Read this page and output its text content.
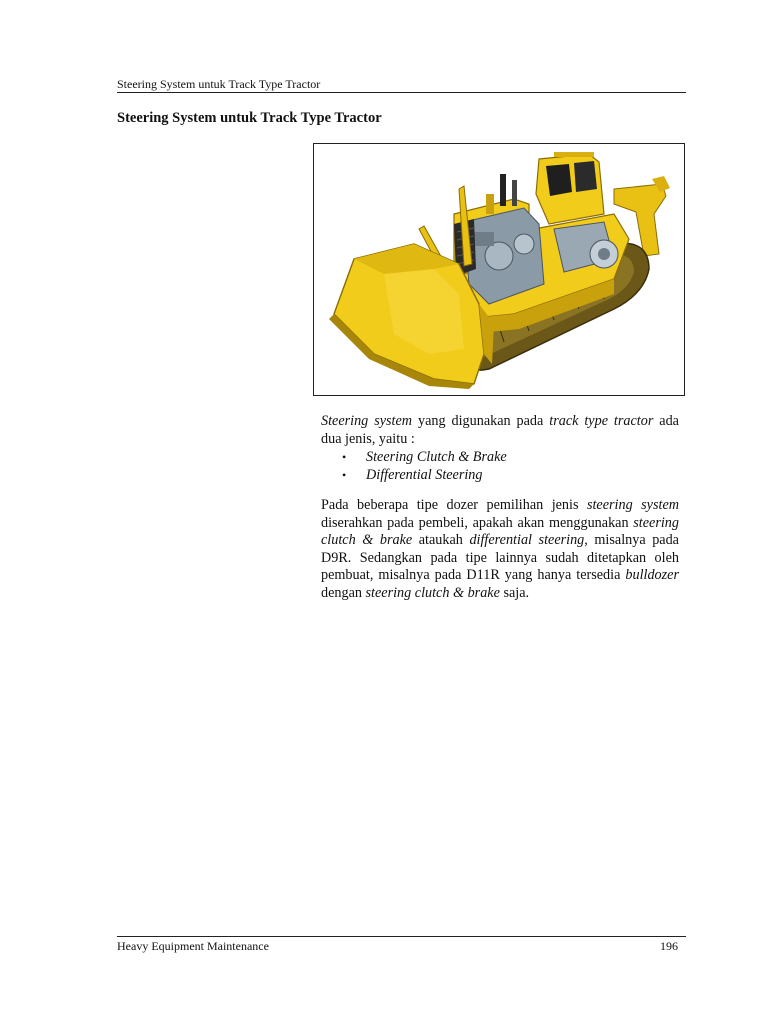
Steering System untuk Track Type Tractor
Steering System untuk Track Type Tractor

Steering system yang digunakan pada track type tractor ada dua jenis, yaitu :

• Steering Clutch & Brake
• Differential Steering

Pada beberapa tipe dozer pemilihan jenis steering system diserahkan pada pembeli, apakah akan menggunakan steering clutch & brake ataukah differential steering, misalnya pada D9R. Sedangkan pada tipe lainnya sudah ditetapkan oleh pembuat, misalnya pada D11R yang hanya tersedia bulldozer dengan steering clutch & brake saja.

Heavy Equipment Maintenance	196
